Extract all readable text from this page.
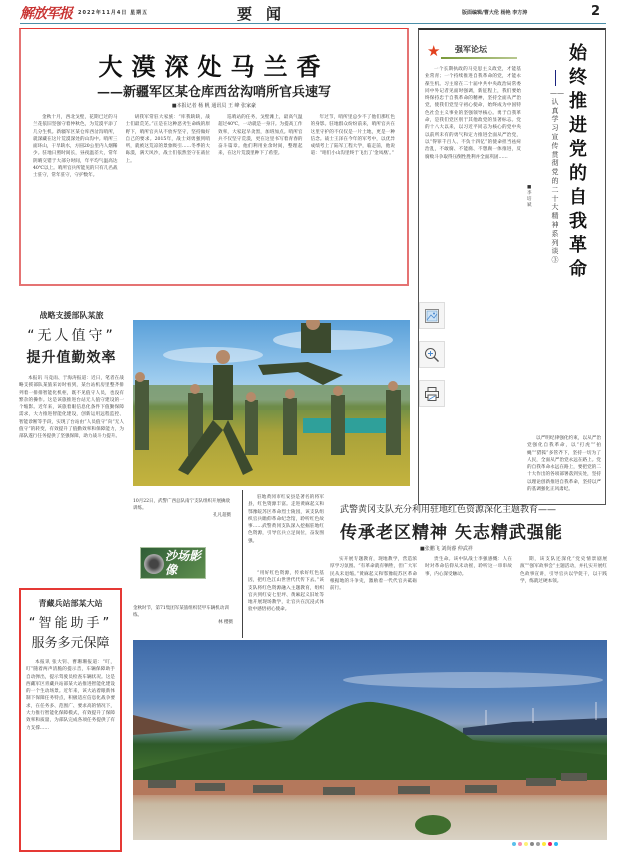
解放军报 2022年11月4日 星期五	要闻	版面编辑/曹大伦 杨艳 李方涛	2
大漠深处马兰香
——新疆军区某仓库西岔沟哨所官兵速写
■本报记者 杨 帆 通讯员 王 峰 张家豪
金秋十月，西北戈壁，花期已过的马兰花依旧坚强守着仲秋色，为荒漠平添了几分生机。新疆军区某仓库西岔沟哨所，就深藏在这片荒漠深处的山沟中。哨所三面环山，干旱缺水，方圆20公里内人烟稀少。驻地日照时间长，昼夜温差大，常年阴晴交错于大部分时间，年平均气温高达40℃以上。哨所官兵所能见的只有几名战士驻守，常年驻守，守护数年。
胡我军常驻大家族：“库我缺缺，战士们最荒芜。”正是在这种恶劣生命线的原野下，哨所官兵从不放弃坚守，坚持做好自己的要求。2015年，战士刘勇强到哨所，就被这荒凉的景象吸引……冬季的大砾漠，满天风沙，战士们依然坚守在战位上。
巡哨站的任务，戈壁滩上，最高气温超过40℃，一动就是一身汗。为提高工作效率，大家起早贪黑，加班加点。哨所官兵不仅坚守荒漠，更在这里书写着青春的奋斗篇章。他们利用业余时间，整理起来，在这片荒漠里种下了希望。
年过节，哨所里总少不了他们那红色的身影。驻地群众纷纷前来，哨所官兵在这里守护的不仅仅是一片土地，更是一种信念。战士王泽在今年的军考中，以优异成绩考上了陆军工程大学，临走前，他说道：“咱们小山沟里终于飞出了‘金凤凰’。”
★ 强军论坛	始终推进党的自我革命
——认真学习宣传贯彻党的二十大精神系列谈③
■李培斌
一个长期执政的马克思主义政党，才能基业常青；一个持续推进自我革命的党，才能永葆生机。习主席在二十届中共中央政治局常委同中外记者见面时强调，新征程上，我们要始终保持忠于自我革命的精神，坚持全面从严治党，使我们党坚守初心使命，始终成为中国特色社会主义事业的坚强领导核心。勇于自我革命，是我们党区别于其他政党的显著标志。党的十八大以来，以习近平同志为核心的党中央以前所未有的勇气和定力推进全面从严治党，以“得罪千百人、不负十四亿”的使命担当祛疴治乱，不敢腐、不能腐、不想腐一体推进，反腐败斗争取得压倒性胜利并全面巩固……
以严明纪律强化约束，以从严治党强化自我革命，以“打虎”“拍蝇”“猎狐”多管齐下，坚持一切为了人民，全面从严治党永远在路上。党的自我革命永远在路上，要把党的二十大作出的各项部署落到实处，坚持以理论创新推进自我革命，坚持以严的基调强化正风肃纪。
战略支援部队某旅
“无人值守”
提升值勤效率
本报讯 马竞雨、于海涛报道：近日，笔者在战略支援部队某旅采访时看到，某台站机房里整齐排列着一排排智能化机柜，既不见值守人员，也没有繁杂的操作。这是该旅推进台站无人值守建设的一个缩影。近年来，该旅着眼信息化条件下值勤保障需求，大力推进智能化建设，创新运用远程监控、智能诊断等手段，实现了台站由“人员值守”向“无人值守”的转变，有效提升了值勤效率和保障能力，为部队遂行任务提供了坚强保障，助力战斗力提升。
10月22日，武警广西总队南宁支队组织开展擒敌训练。
孔凡超摄
沙场影像
金秋时节，第71集团军某旅组织装甲车辆机动训练。
林 樱摄
武警黄冈支队充分利用驻地红色资源深化主题教育——
传承老区精神 矢志精武强能
■张鹏飞 刘尚睿 仲武祥
驻地黄冈市红安县是著名的将军县，红色资源丰富。走进黄麻起义和鄂豫皖苏区革命烈士陵园，该支队组织官兵瞻仰革命纪念馆，聆听红色故事……武警黄冈支队深入挖掘驻地红色资源，引导官兵立足岗位，奋发图强。
“用好红色资源，传承好红色基因，把红色江山世世代代传下去。”该支队将红色资源融入主题教育，组织官兵到红安七里坪、黄麻起义旧址等地开展现场教学，让官兵在沉浸式体验中感悟初心使命。
实开展专题教育，现地教学，营造浓厚学习氛围。“有革命就有牺牲，但广大军民从未退缩。”黄麻起义和鄂豫皖苏区革命根据地的斗争史，激励着一代代官兵砥砺前行。
贵生命。该中队战士李强感慨：人在时对革命信仰从未动摇，聆听这一串串故事，内心深受触动。
期，该支队还深化“党史情景剧展演”“强军故事会”主题活动，并扎实开展红色故事宣讲，引导官兵以学促干，以干践学，练就过硬本领。
青藏兵站部某大站
“智能助手”
服务多元保障
本报讯 张大钊、曹珊珊报道：“叮，叮”随着两声清脆的提示音，车辆保障助手自动弹出，提示驾驶员检查车辆状况。这是西藏军区青藏兵站部某大站推进智能化建设的一个生动场景。近年来，该大站着眼新体制下保障任务特点，积极适应信息化战争要求，在任务多、范围广、要求高的情况下，大力推行智能化保障模式，有效提升了保障效率和质量，为部队完成各项任务提供了有力支撑……
